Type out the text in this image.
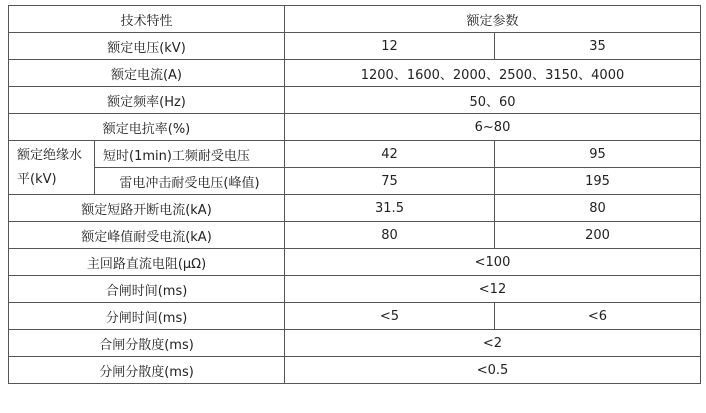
技术特性		额定参数	
额定电压(kV)		12	35
额定电流(A)		1200、1600、2000、2500、3150、4000	
额定频率(Hz)		50、60	
额定电抗率(%)		6~80	
额定绝缘水平(kV)	短时(1min)工频耐受电压	42	95
	雷电冲击耐受电压(峰值)	75	195
额定短路开断电流(kA)		31.5	80
额定峰值耐受电流(kA)		80	200
主回路直流电阻(μΩ)		<100	
合闸时间(ms)		<12	
分闸时间(ms)		<5	<6
合闸分散度(ms)		<2	
分闸分散度(ms)		<0.5	
